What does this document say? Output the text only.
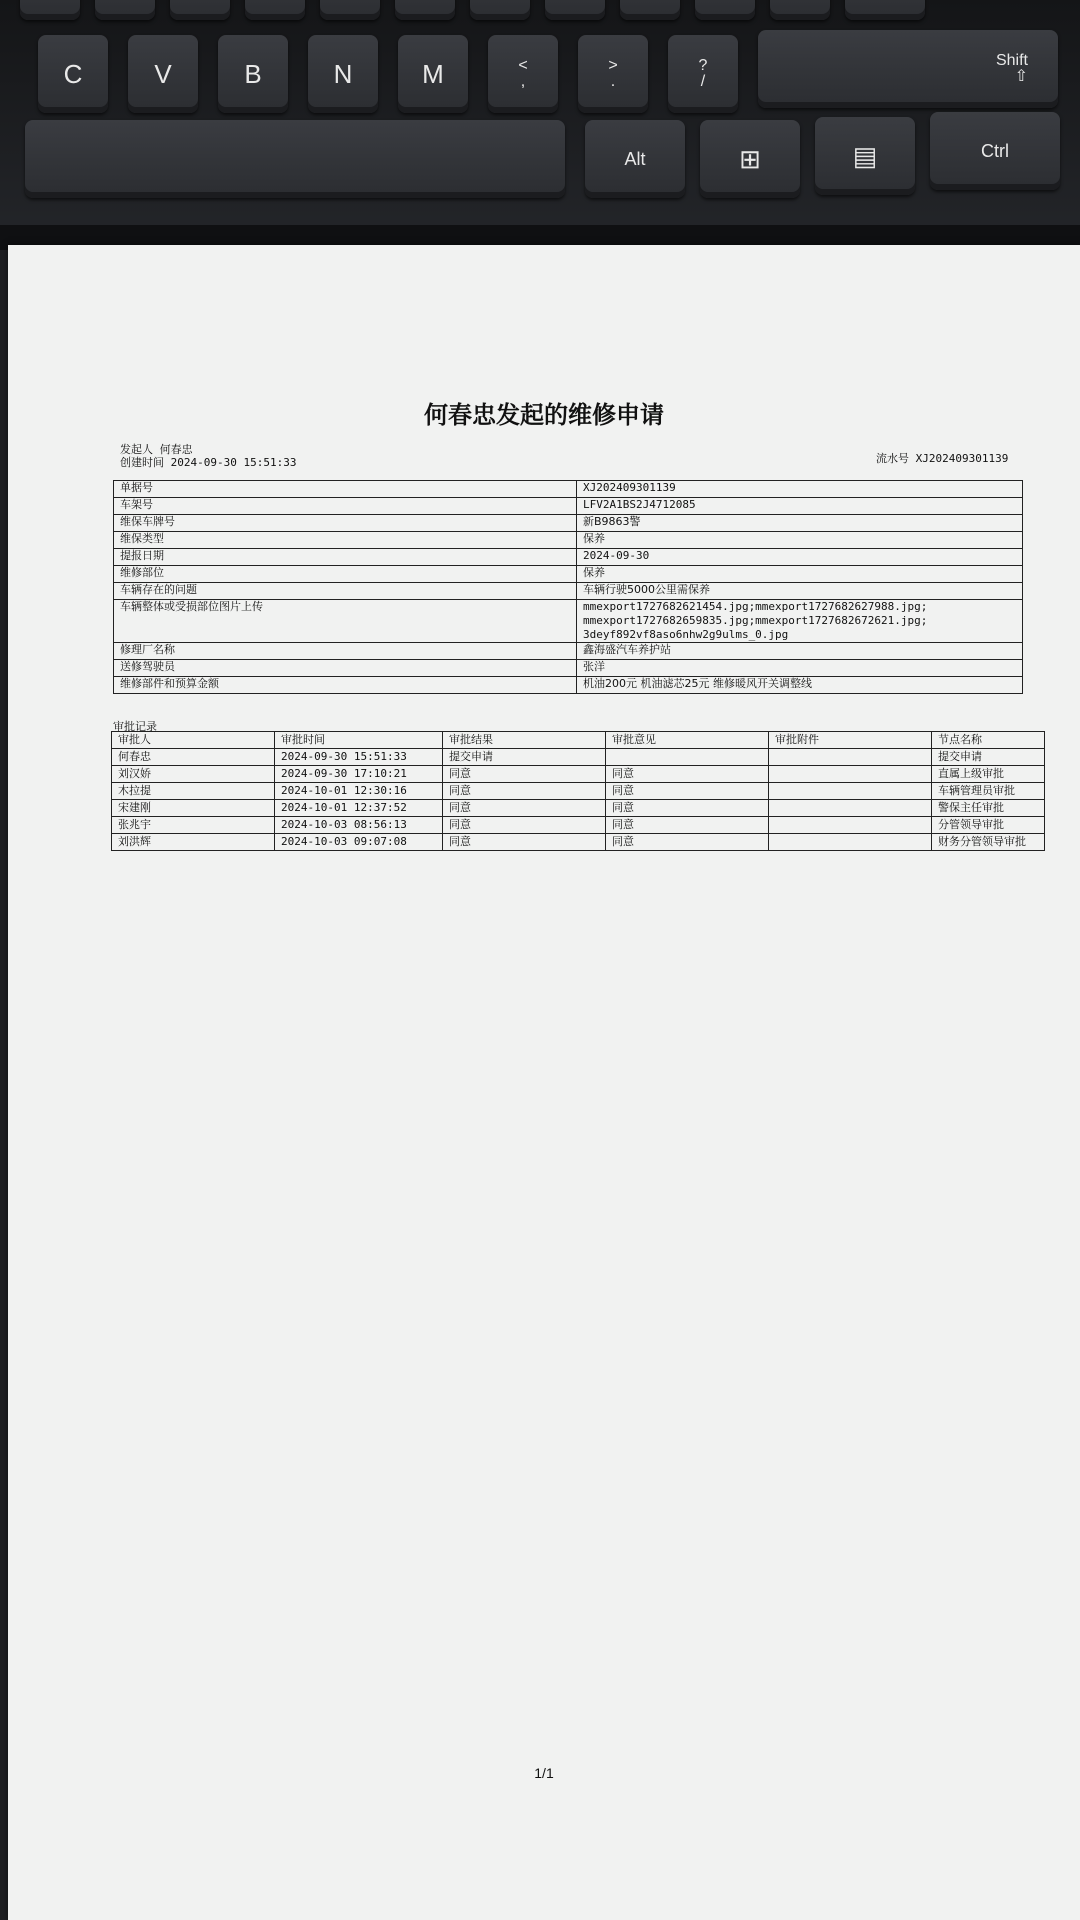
C	V	B	N	M	<
,
>
.
?
/
Shift
⇧
Alt	⊞	▤	Ctrl
何春忠发起的维修申请
发起人 何春忠
创建时间 2024-09-30 15:51:33	流水号 XJ202409301139
单据号	XJ202409301139
车架号	LFV2A1BS2J4712085
维保车牌号	新B9863警
维保类型	保养
提报日期	2024-09-30
维修部位	保养
车辆存在的问题	车辆行驶5000公里需保养
车辆整体或受损部位图片上传	mmexport1727682621454.jpg;mmexport1727682627988.jpg;
mmexport1727682659835.jpg;mmexport1727682672621.jpg;
3deyf892vf8aso6nhw2g9ulms_0.jpg
修理厂名称	鑫海盛汽车养护站
送修驾驶员	张洋
维修部件和预算金额	机油200元 机油滤芯25元 维修暖风开关调整线
审批记录
审批人	审批时间	审批结果	审批意见	审批附件	节点名称
何春忠	2024-09-30 15:51:33	提交申请			提交申请
刘汉娇	2024-09-30 17:10:21	同意	同意		直属上级审批
木拉提	2024-10-01 12:30:16	同意	同意		车辆管理员审批
宋建刚	2024-10-01 12:37:52	同意	同意		警保主任审批
张兆宇	2024-10-03 08:56:13	同意	同意		分管领导审批
刘洪辉	2024-10-03 09:07:08	同意	同意		财务分管领导审批
1/1
